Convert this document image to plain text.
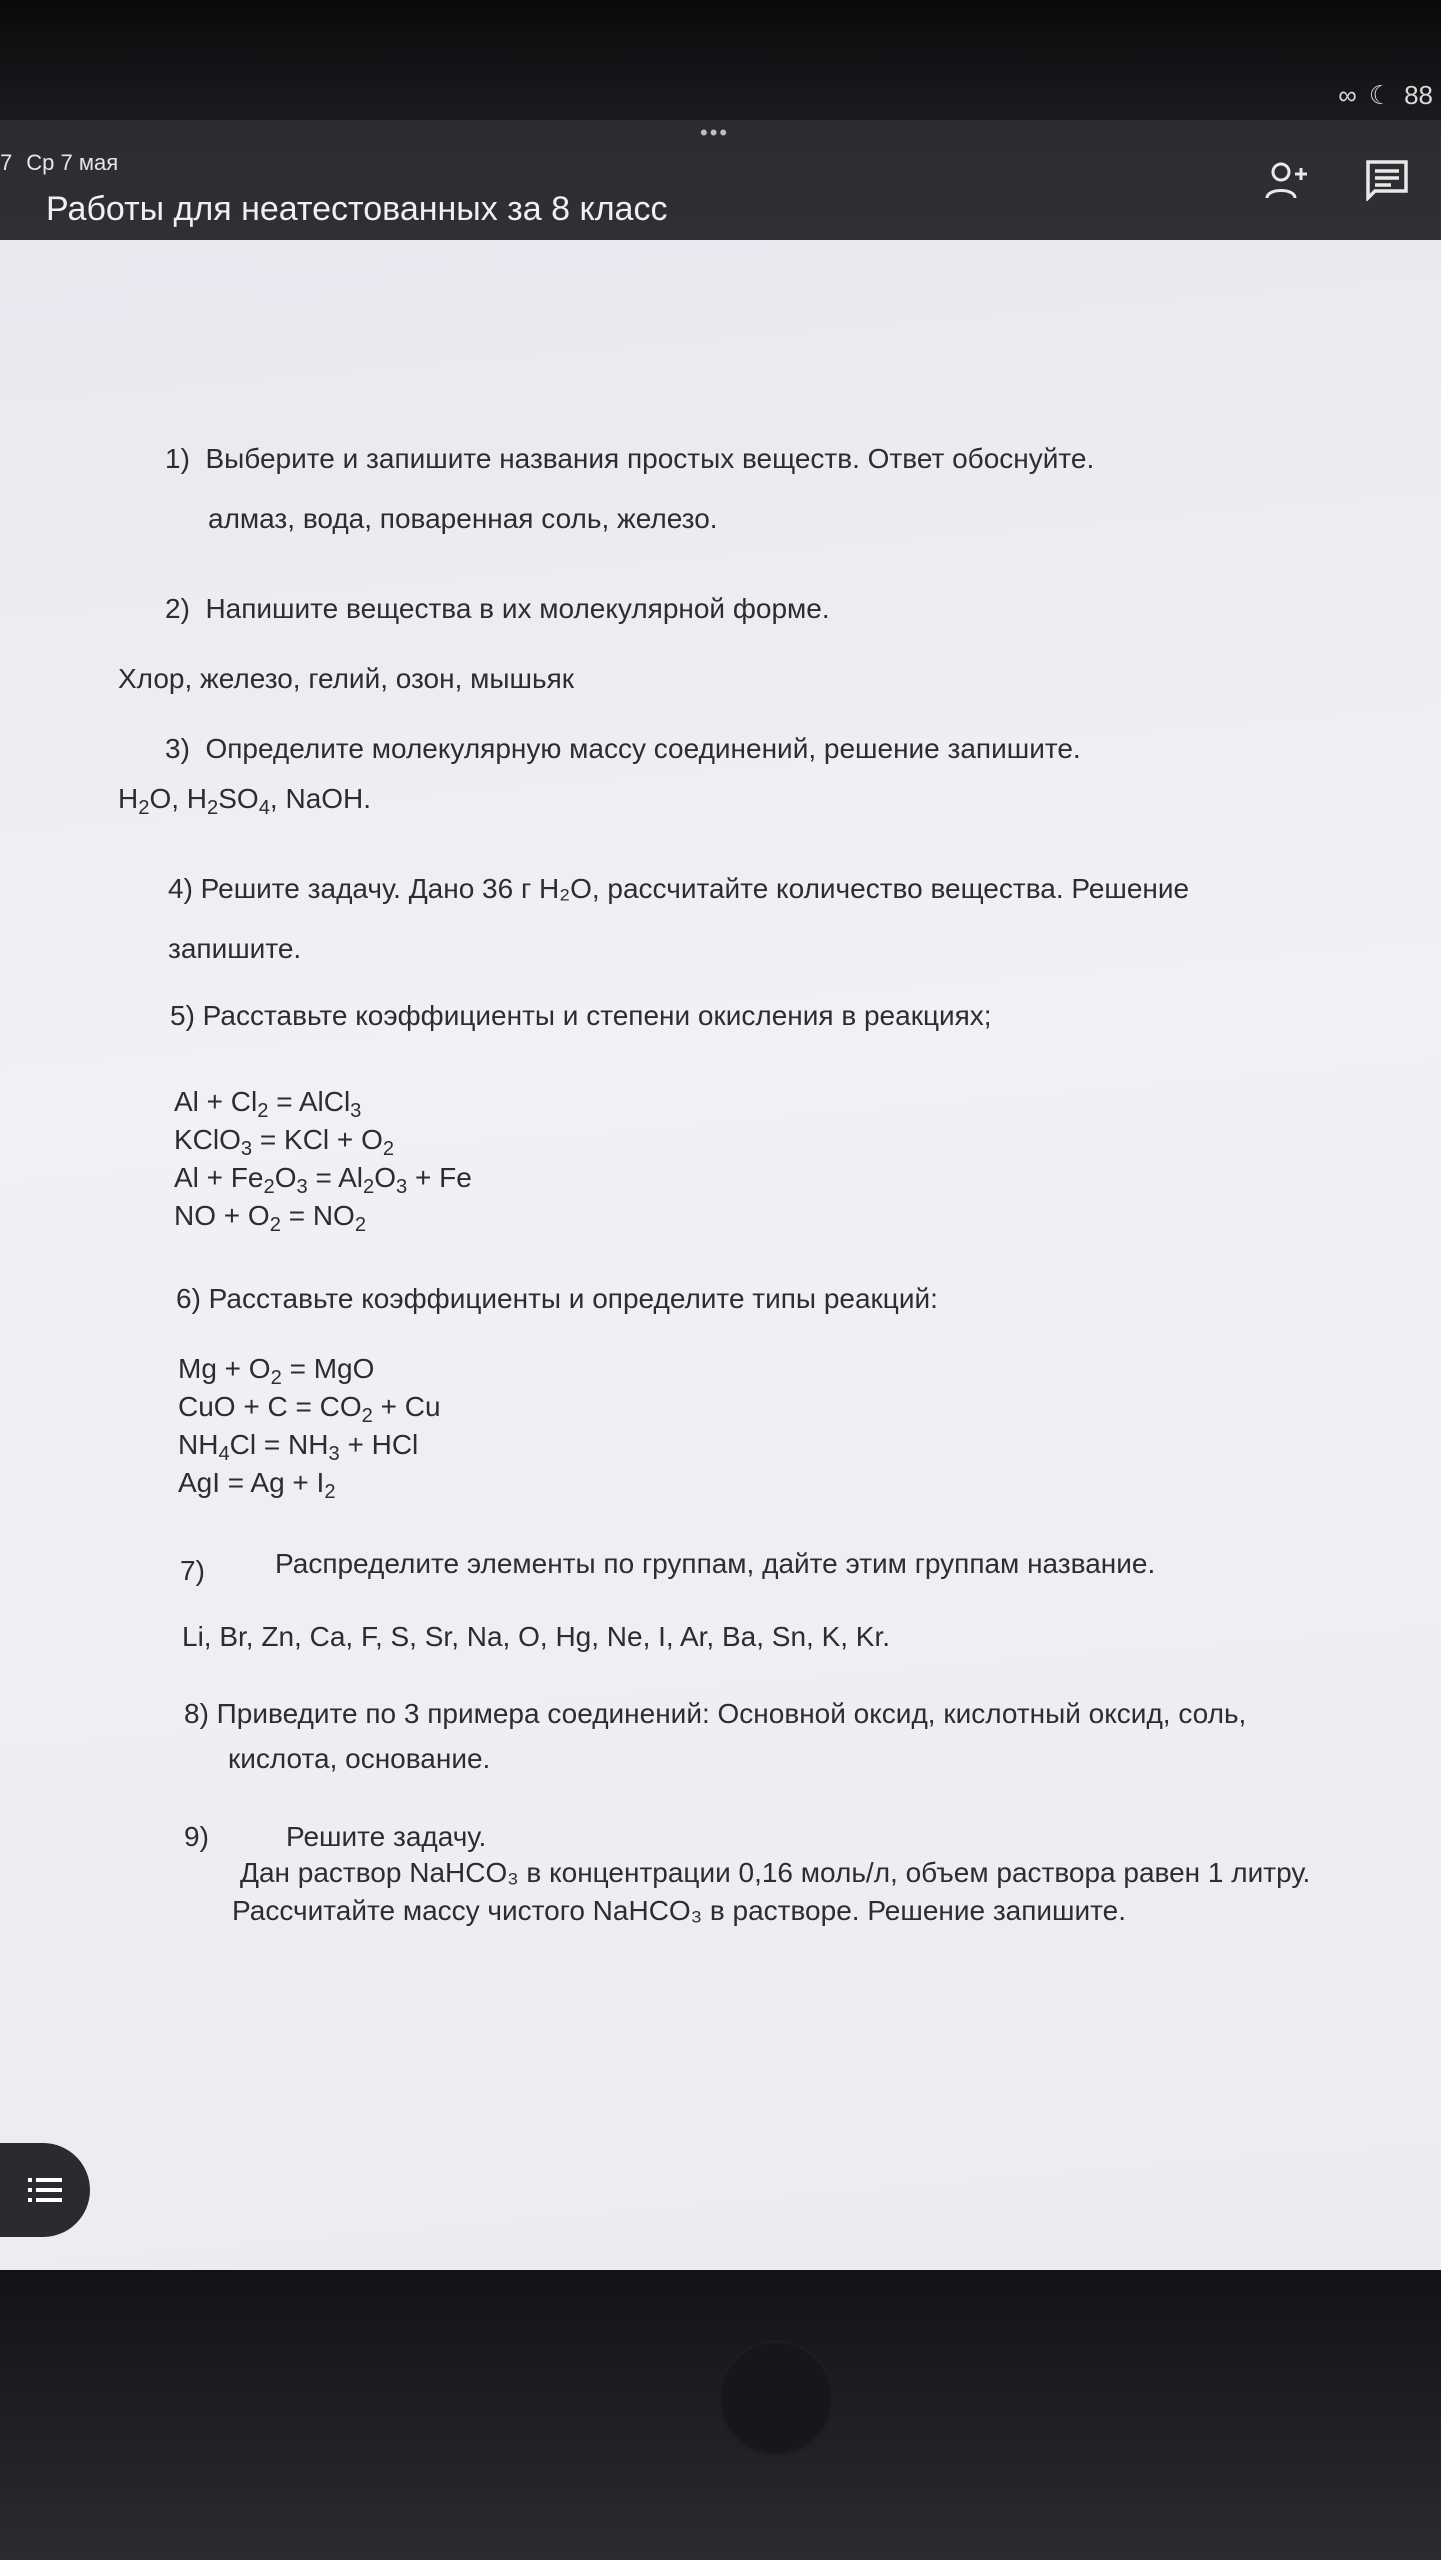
∞ ☾ 88
•••
7 Ср 7 мая
Работы для неатестованных за 8 класс
1)  Выберите и запишите названия простых веществ. Ответ обоснуйте.
алмаз, вода, поваренная соль, железо.
2)  Напишите вещества в их молекулярной форме.
Хлор, железо, гелий, озон, мышьяк
3)  Определите молекулярную массу соединений, решение запишите.
$H_2O$, $H_2SO_4$, NaOH.
4) Решите задачу. Дано 36 г H₂O, рассчитайте количество вещества. Решение
запишите.
5) Расставьте коэффициенты и степени окисления в реакциях;
$Al + Cl_2$ = AlCl$_3$
KClO$_3$ = KCl + $O_2$
$Al + Fe_2O_3 = Al_2O_3 + Fe$
NO + $O_2 = NO_2$
6) Расставьте коэффициенты и определите типы реакций:
$Mg + O_2$ = MgO
CuO + $C = CO_2 + Cu$
$NH_4Cl = NH_3$ + HCl
AgI = $Ag + I_2$
7)	Распределите элементы по группам, дайте этим группам название.
Li, Br, Zn, Ca, F, S, Sr, Na, O, Hg, Ne, I, Ar, Ba, Sn, K, Kr.
8) Приведите по 3 примера соединений: Основной оксид, кислотный оксид, соль,
кислота, основание.
9)	Решите задачу.
Дан раствор NaHCO₃ в концентрации 0,16 моль/л, объем раствора равен 1 литру.
Рассчитайте массу чистого NaHCO₃ в растворе. Решение запишите.
